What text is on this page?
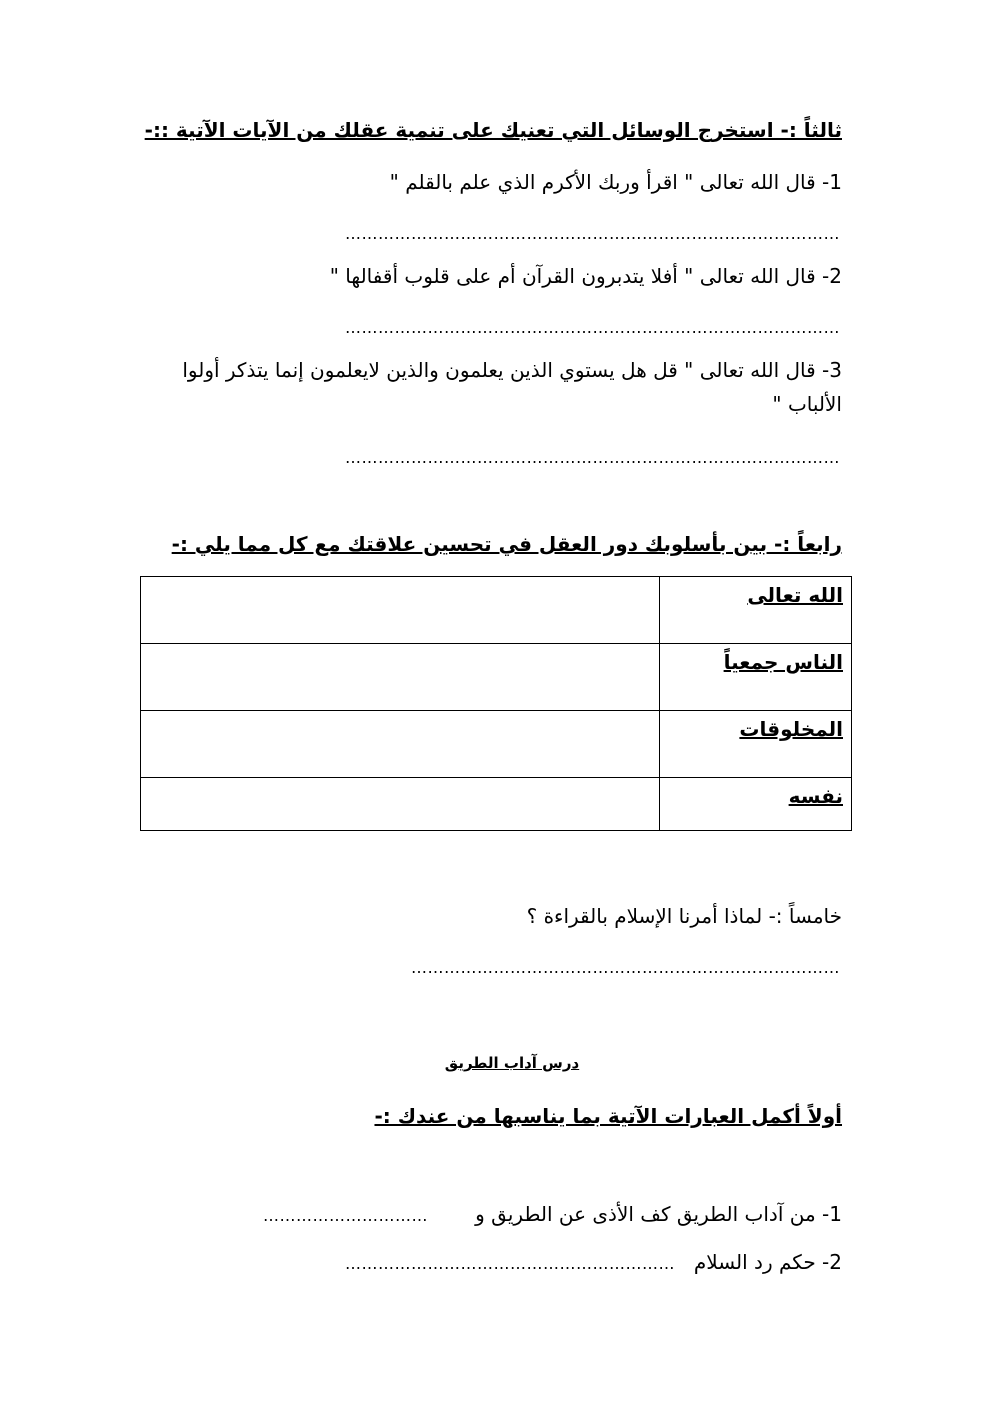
ثالثاً :- استخرج الوسائل التي تعنيك على تنمية عقلك من الآيات الآتية ::-
1- قال الله تعالى " اقرأ وربك الأكرم الذي علم بالقلم "
………………………………………………………………………………
2- قال الله تعالى " أفلا يتدبرون القرآن أم على قلوب أقفالها "
………………………………………………………………………………
3- قال الله تعالى " قل هل يستوي الذين يعلمون والذين لايعلمون إنما يتذكر أولوا
الألباب "
………………………………………………………………………………
رابعاً :- بين بأسلوبك دور العقل في تحسين علاقتك مع كل مما يلي :-
الله تعالى	
الناس جمعياً	
المخلوقات	
نفسه	
خامساً :- لماذا أمرنا الإسلام بالقراءة ؟
……………………………………………………………………
درس آداب الطريق
أولاً أكمل العبارات الآتية بما يناسبها من عندك :-
1- من آداب الطريق كف الأذى عن الطريق و
…………………………
2- حكم رد السلام
……………………………………………………
